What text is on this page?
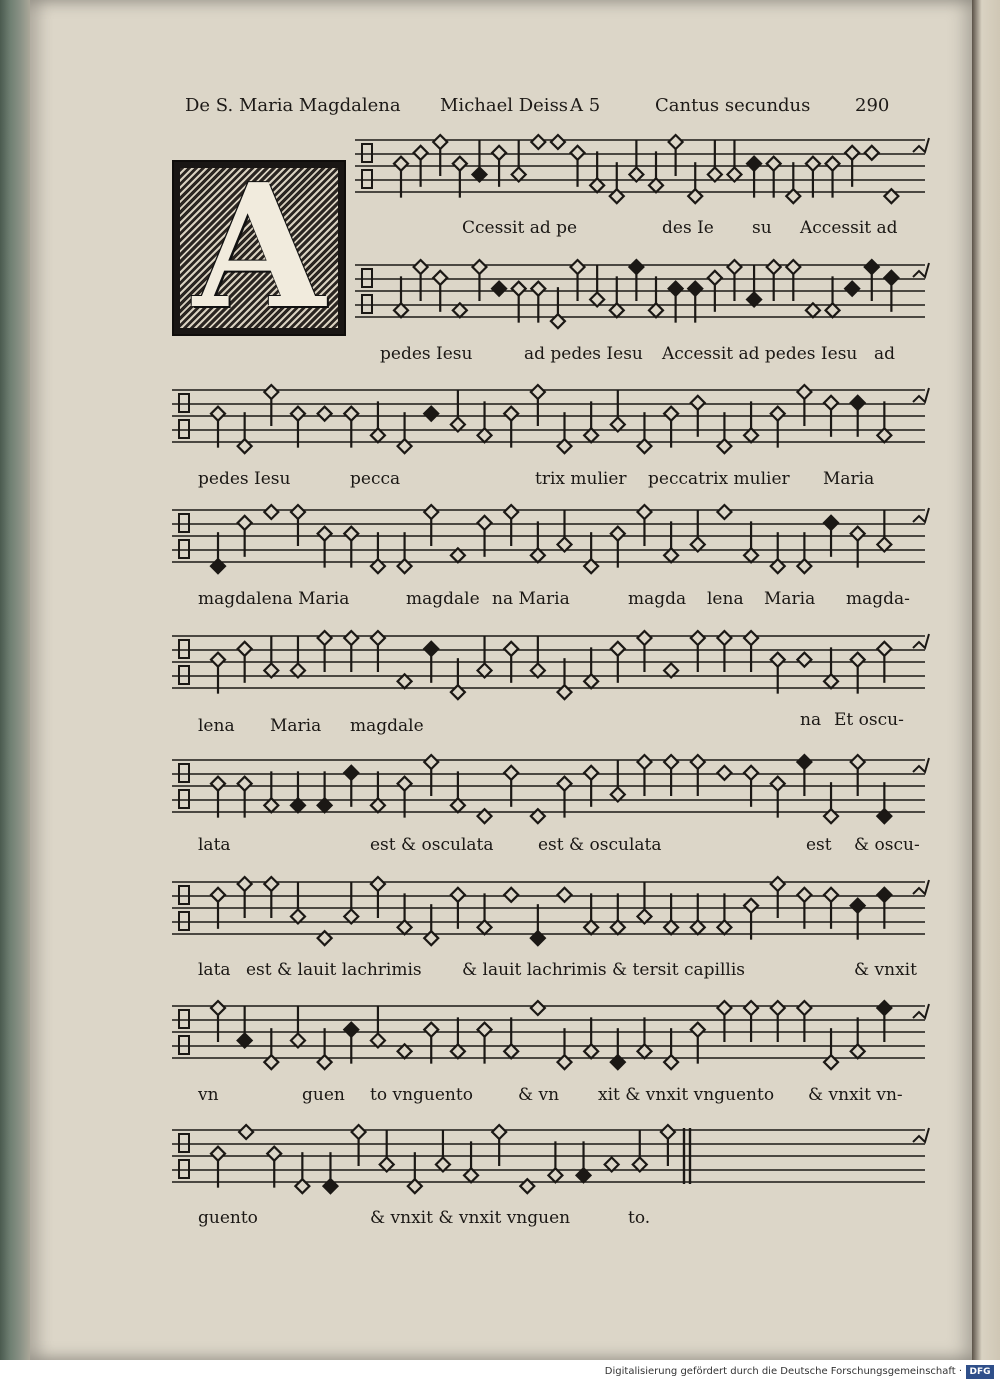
De S. Maria Magdalena Michael Deiss A 5	Cantus secundus 290
A	Ccessit ad pe	des Ie su Accessit ad
pedes Iesu	ad pedes Iesu Accessit ad pedes Iesu ad
pedes Iesu	pecca	trix mulier peccatrix mulier Maria
magdalena Maria	magdale na Maria	magda lena Maria magda-
lena Maria magdale	na Et oscu-
lata	est & osculata	est & osculata	est & oscu-
lata est & lauit lachrimis & lauit lachrimis & tersit capillis	& vnxit
vn	guen to vnguento	& vn xit & vnxit vnguento & vnxit vn-
guento	& vnxit & vnxit vnguen	to.
Digitalisierung gefördert durch die Deutsche Forschungsgemeinschaft · DFG
